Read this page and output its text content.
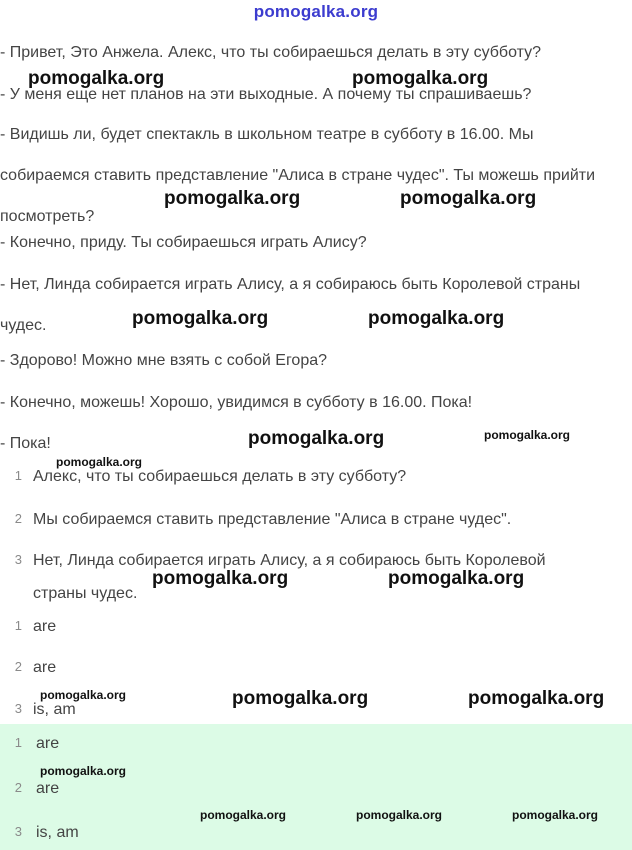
pomogalka.org
- Привет, Это Анжела. Алекс, что ты собираешься делать в эту субботу?
- У меня еще нет планов на эти выходные. А почему ты спрашиваешь?
- Видишь ли, будет спектакль в школьном театре в субботу в 16.00. Мы собираемся ставить представление "Алиса в стране чудес". Ты можешь прийти посмотреть?
- Конечно, приду. Ты собираешься играть Алису?
- Нет, Линда собирается играть Алису, а я собираюсь быть Королевой страны чудес.
- Здорово! Можно мне взять с собой Егора?
- Конечно, можешь! Хорошо, увидимся в субботу в 16.00. Пока!
- Пока!
1 Алекс, что ты собираешься делать в эту субботу?
2 Мы собираемся ставить представление "Алиса в стране чудес".
3 Нет, Линда собирается играть Алису, а я собираюсь быть Королевой страны чудес.
1 are
2 are
3 is, am
1 are
2 are
3 is, am
pomogalka.org	pomogalka.org
pomogalka.org	pomogalka.org
pomogalka.org	pomogalka.org
pomogalka.org	pomogalka.org
pomogalka.org
pomogalka.org	pomogalka.org
pomogalka.org	pomogalka.org	pomogalka.org
pomogalka.org
pomogalka.org	pomogalka.org	pomogalka.org
